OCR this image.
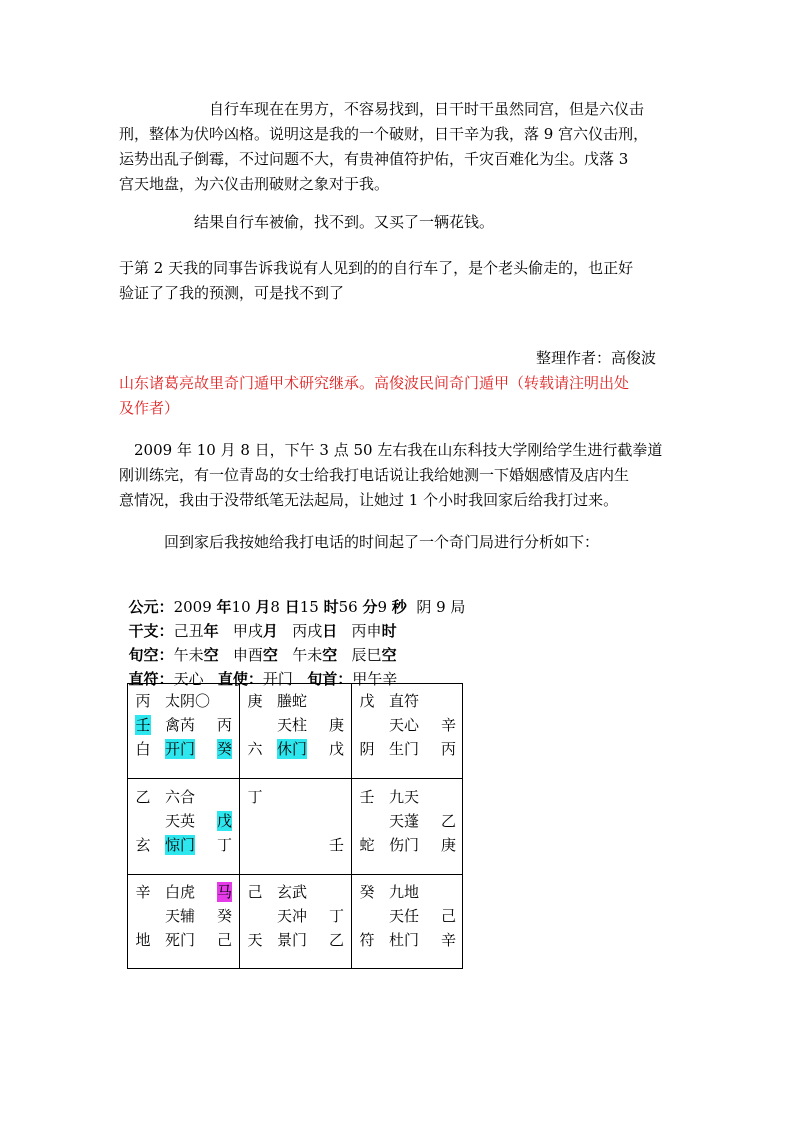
　　　　　　自行车现在在男方，不容易找到，日干时干虽然同宫，但是六仪击
刑，整体为伏吟凶格。说明这是我的一个破财，日干辛为我，落 9 宫六仪击刑，
运势出乱子倒霉，不过问题不大，有贵神值符护佑，千灾百难化为尘。戊落 3
宫天地盘，为六仪击刑破财之象对于我。
　　　　　结果自行车被偷，找不到。又买了一辆花钱。
于第 2 天我的同事告诉我说有人见到的的自行车了，是个老头偷走的，也正好
验证了了我的预测，可是找不到了
整理作者：高俊波
山东诸葛亮故里奇门遁甲术研究继承。高俊波民间奇门遁甲（转载请注明出处
及作者）
　2009 年 10 月 8 日，下午 3 点 50 左右我在山东科技大学刚给学生进行截拳道
刚训练完，有一位青岛的女士给我打电话说让我给她测一下婚姻感情及店内生
意情况，我由于没带纸笔无法起局，让她过 1 个小时我回家后给我打过来。
　　　回到家后我按她给我打电话的时间起了一个奇门局进行分析如下：

公元：2009 年10 月8 日15 时56 分9 秒  阴 9 局

干支：己丑年   甲戌月   丙戌日   丙申时

旬空：午未空   申酉空   午未空   辰巳空

直符：天心   直使：开门   旬首：甲午辛

丙 太阴〇
壬 禽芮 丙
白 开门 癸
庚 螣蛇
天柱 庚
六 休门 戊
戊 直符
天心 辛
阴 生门 丙
乙 六合
天英 戊
玄 惊门 丁
丁
壬
壬 九天
天蓬 乙
蛇 伤门 庚
辛 白虎 马
天辅 癸
地 死门 己
己 玄武
天冲 丁
天 景门 乙
癸 九地
天任 己
符 杜门 辛
